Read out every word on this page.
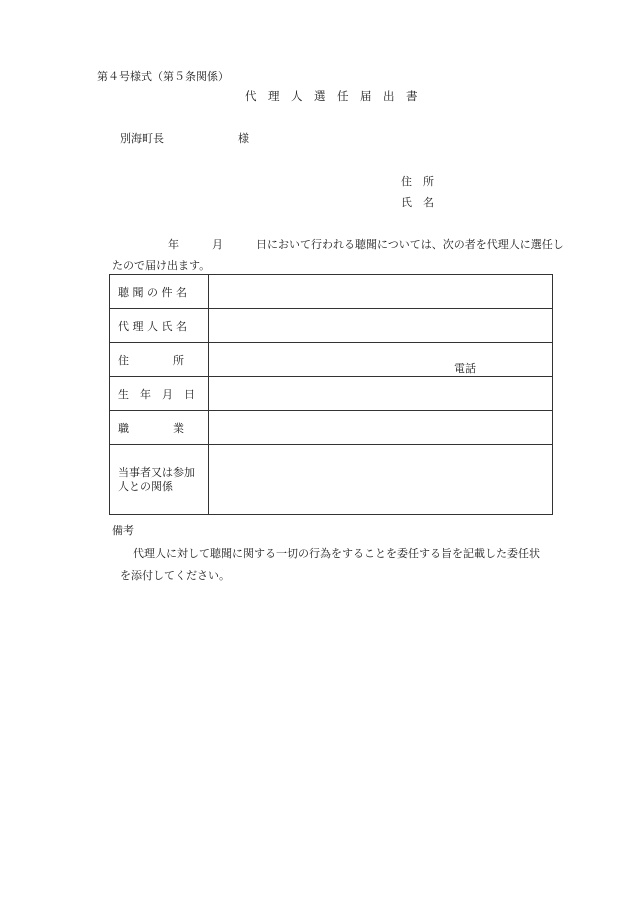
第４号様式（第５条関係）
代　理　人　選　任　届　出　書
別海町長	様
住　所
氏　名
年　　　月　　　日において行われる聴聞については、次の者を代理人に選任し
たので届け出ます。
聴 聞 の 件 名	
代 理 人 氏 名	
住　　　　所	電話

生　年　月　日	
職　　　　業	
当事者又は参加人との関係	
備考
代理人に対して聴聞に関する一切の行為をすることを委任する旨を記載した委任状
を添付してください。
